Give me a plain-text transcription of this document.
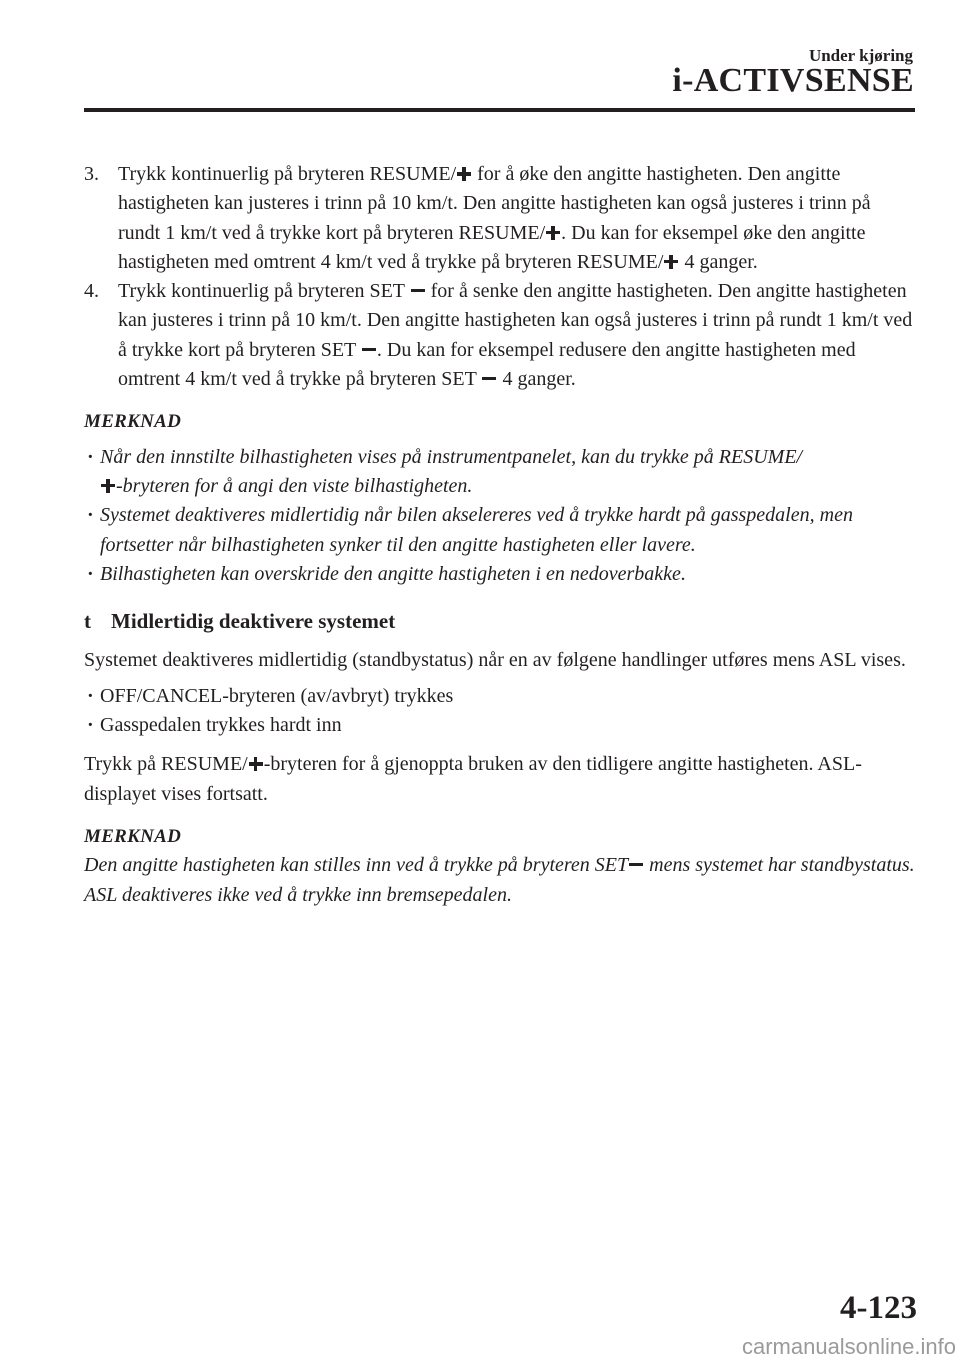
Under kjøring
i-ACTIVSENSE
3. Trykk kontinuerlig på bryteren RESUME/ for å øke den angitte hastigheten. Den angitte hastigheten kan justeres i trinn på 10 km/t. Den angitte hastigheten kan også justeres i trinn på rundt 1 km/t ved å trykke kort på bryteren RESUME/ . Du kan for eksempel øke den angitte hastigheten med omtrent 4 km/t ved å trykke på bryteren RESUME/ 4 ganger.
4. Trykk kontinuerlig på bryteren SET  for å senke den angitte hastigheten. Den angitte hastigheten kan justeres i trinn på 10 km/t. Den angitte hastigheten kan også justeres i trinn på rundt 1 km/t ved å trykke kort på bryteren SET . Du kan for eksempel redusere den angitte hastigheten med omtrent 4 km/t ved å trykke på bryteren SET  4 ganger.
MERKNAD
· Når den innstilte bilhastigheten vises på instrumentpanelet, kan du trykke på RESUME/
-bryteren for å angi den viste bilhastigheten.
· Systemet deaktiveres midlertidig når bilen akselereres ved å trykke hardt på gasspedalen, men fortsetter når bilhastigheten synker til den angitte hastigheten eller lavere.
· Bilhastigheten kan overskride den angitte hastigheten i en nedoverbakke.
t Midlertidig deaktivere systemet
Systemet deaktiveres midlertidig (standbystatus) når en av følgene handlinger utføres mens ASL vises.
· OFF/CANCEL-bryteren (av/avbryt) trykkes
· Gasspedalen trykkes hardt inn
Trykk på RESUME/ -bryteren for å gjenoppta bruken av den tidligere angitte hastigheten. ASL-displayet vises fortsatt.
MERKNAD
Den angitte hastigheten kan stilles inn ved å trykke på bryteren SET mens systemet har standbystatus.
ASL deaktiveres ikke ved å trykke inn bremsepedalen.
4-123
carmanualsonline.info
